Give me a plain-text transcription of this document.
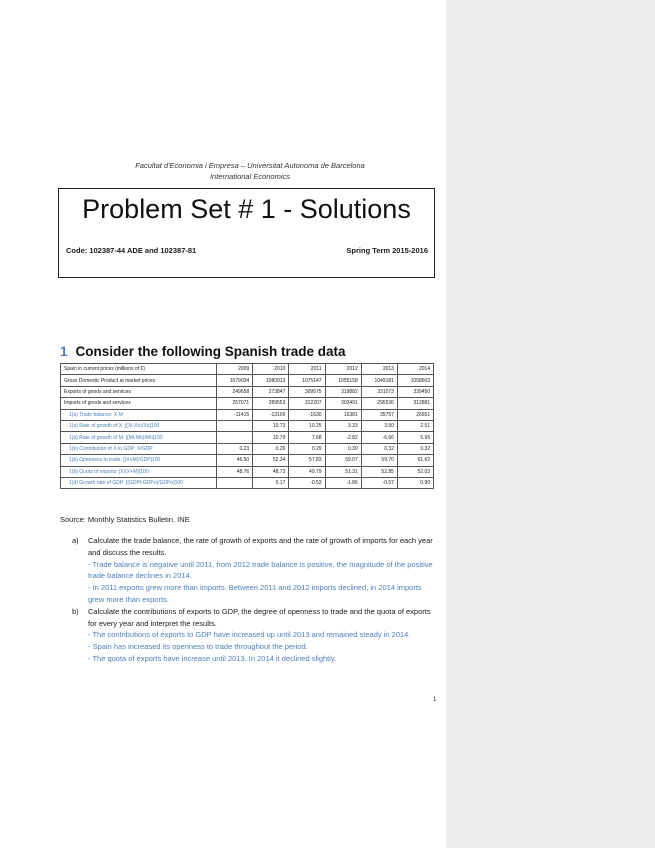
Facultat d'Economia i Empresa – Universitat Autonoma de Barcelona
International Economics
Problem Set # 1 - Solutions
Code: 102387-44 ADE and 102387-81	Spring Term 2015-2016
1 Consider the following Spanish trade data
Spain in current prices (millions of €)	2009	2010	2011	2012	2013	2014
Gross Domestic Product at market prices	1079034	1080913	1075147	1055158	1049181	1058603
Exports of goods and services	249658	273847	309575	319882	331073	339450
Imports of goods and services	257071	289553	312207	303491	295536	312881
1(a) Trade balance: X-M	-11415	-13106	-1630	16381	35757	26551
1(a) Rate of growth of X: [(Xt-Xo)/Xo]100		10.73	10.25	3.33	3.50	2.51
1(a) Rate of growth of M: [(Mt-Mo)/Mo]100		10.79	7.68	-2.82	-6.66	5.95
1(b) Contribution of X to GDP: X/GDP	0.23	0.26	0.29	0.30	0.32	0.32
1(b) Openness to trade: [(X+M)/GDP]100	46.50	52.34	57.83	59.07	59.70	61.62
1(b) Quota of exports: [X/(X+M)]100	48.76	48.73	49.79	51.31	52.85	52.03
1(d) Growth rate of GDP: [(GDPt-GDPo)/GDPo]100		0.17	-0.53	-1.86	-0.57	0.90
Source: Monthly Statistics Bulletin, INE
a) Calculate the trade balance, the rate of growth of exports and the rate of growth of imports for each year and discuss the results.
- Trade balance is negative until 2011, from 2012 trade balance is positive, the magnitude of the positive trade balance declines in 2014.
- In 2011 exports grew more than imports. Between 2011 and 2012 imports declined, in 2014 imports grew more than exports.
b) Calculate the contributions of exports to GDP, the degree of openness to trade and the quota of exports for every year and interpret the results.
- The contributions of exports to GDP have increased up until 2013 and remained steady in 2014.
- Spain has increased its openness to trade throughout the period.
- The quota of exports have increase until 2013. In 2014 it declined slightly.
1
